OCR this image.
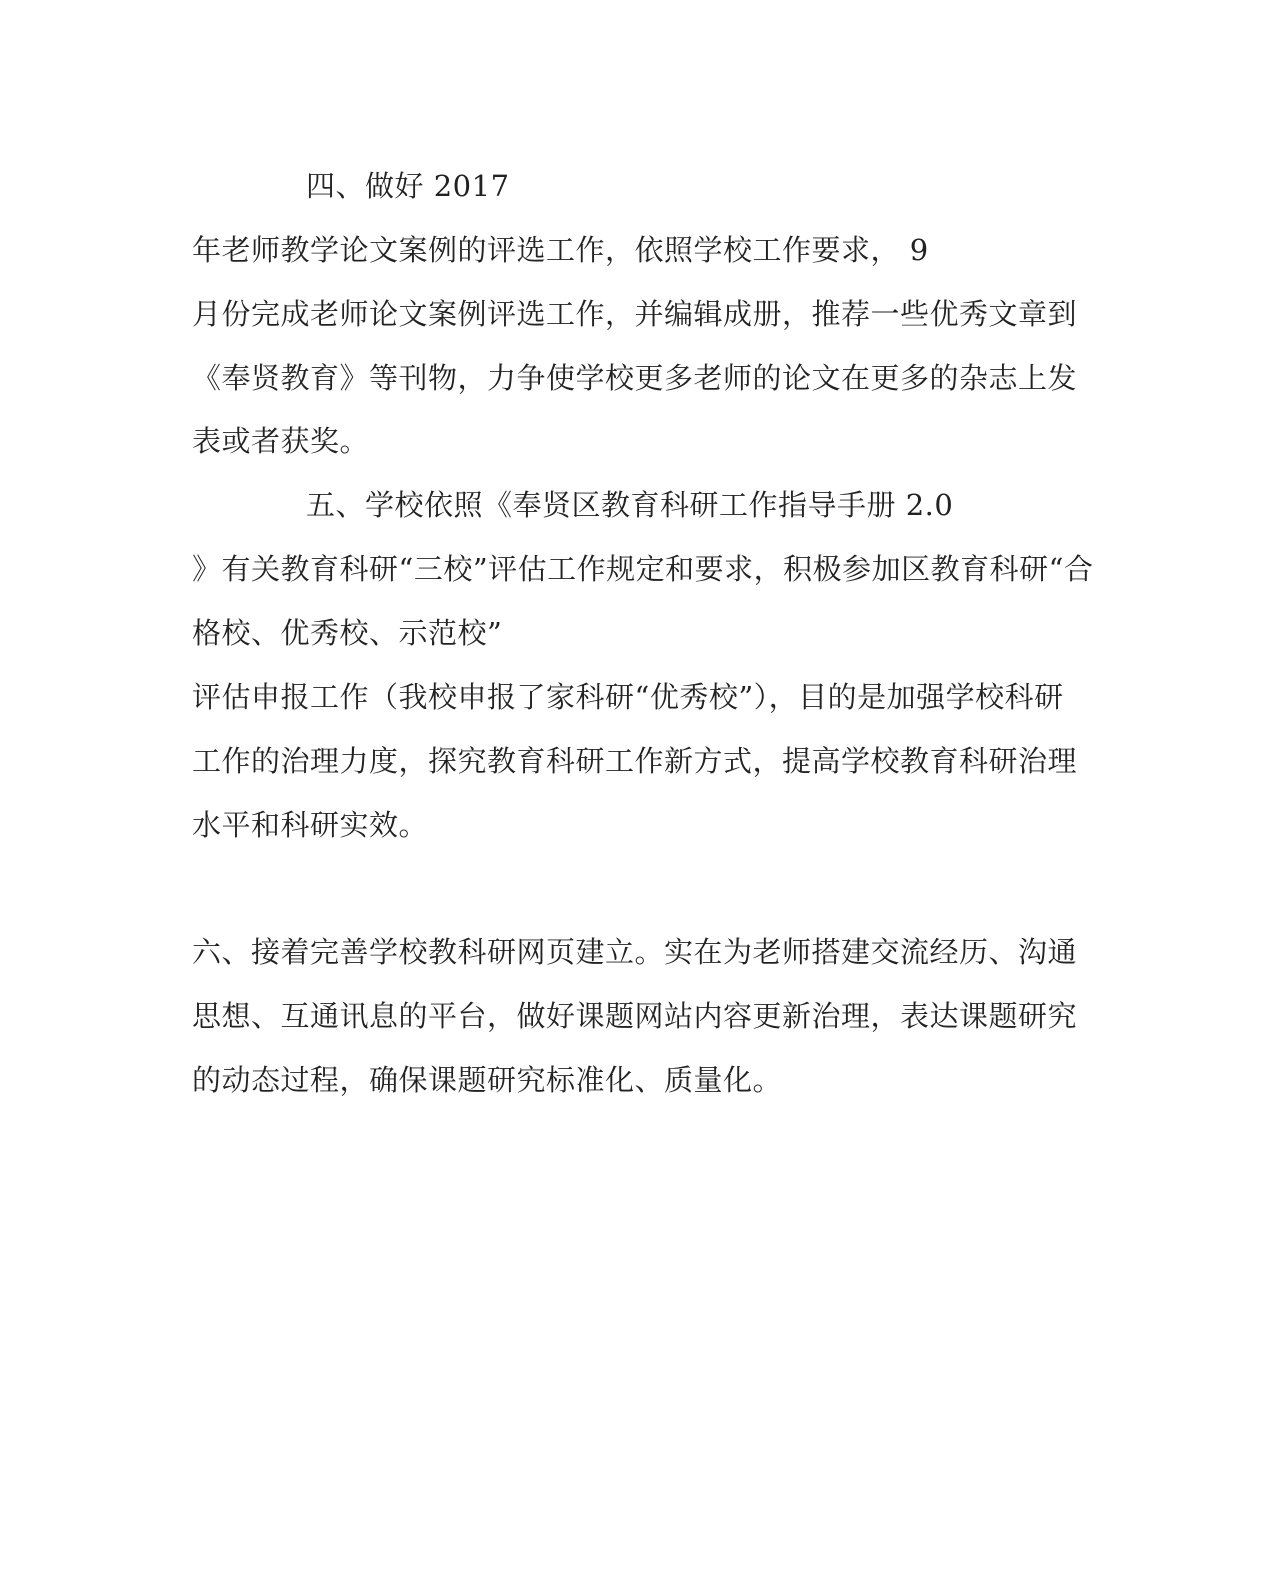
四、做好 2017
年老师教学论文案例的评选工作，依照学校工作要求， 9
月份完成老师论文案例评选工作，并编辑成册，推荐一些优秀文章到
《奉贤教育》等刊物，力争使学校更多老师的论文在更多的杂志上发
表或者获奖。
五、学校依照《奉贤区教育科研工作指导手册 2.0
》有关教育科研“三校”评估工作规定和要求，积极参加区教育科研“合
格校、优秀校、示范校”
评估申报工作（我校申报了家科研“优秀校”），目的是加强学校科研
工作的治理力度，探究教育科研工作新方式，提高学校教育科研治理
水平和科研实效。
六、接着完善学校教科研网页建立。实在为老师搭建交流经历、沟通
思想、互通讯息的平台，做好课题网站内容更新治理，表达课题研究
的动态过程，确保课题研究标准化、质量化。
